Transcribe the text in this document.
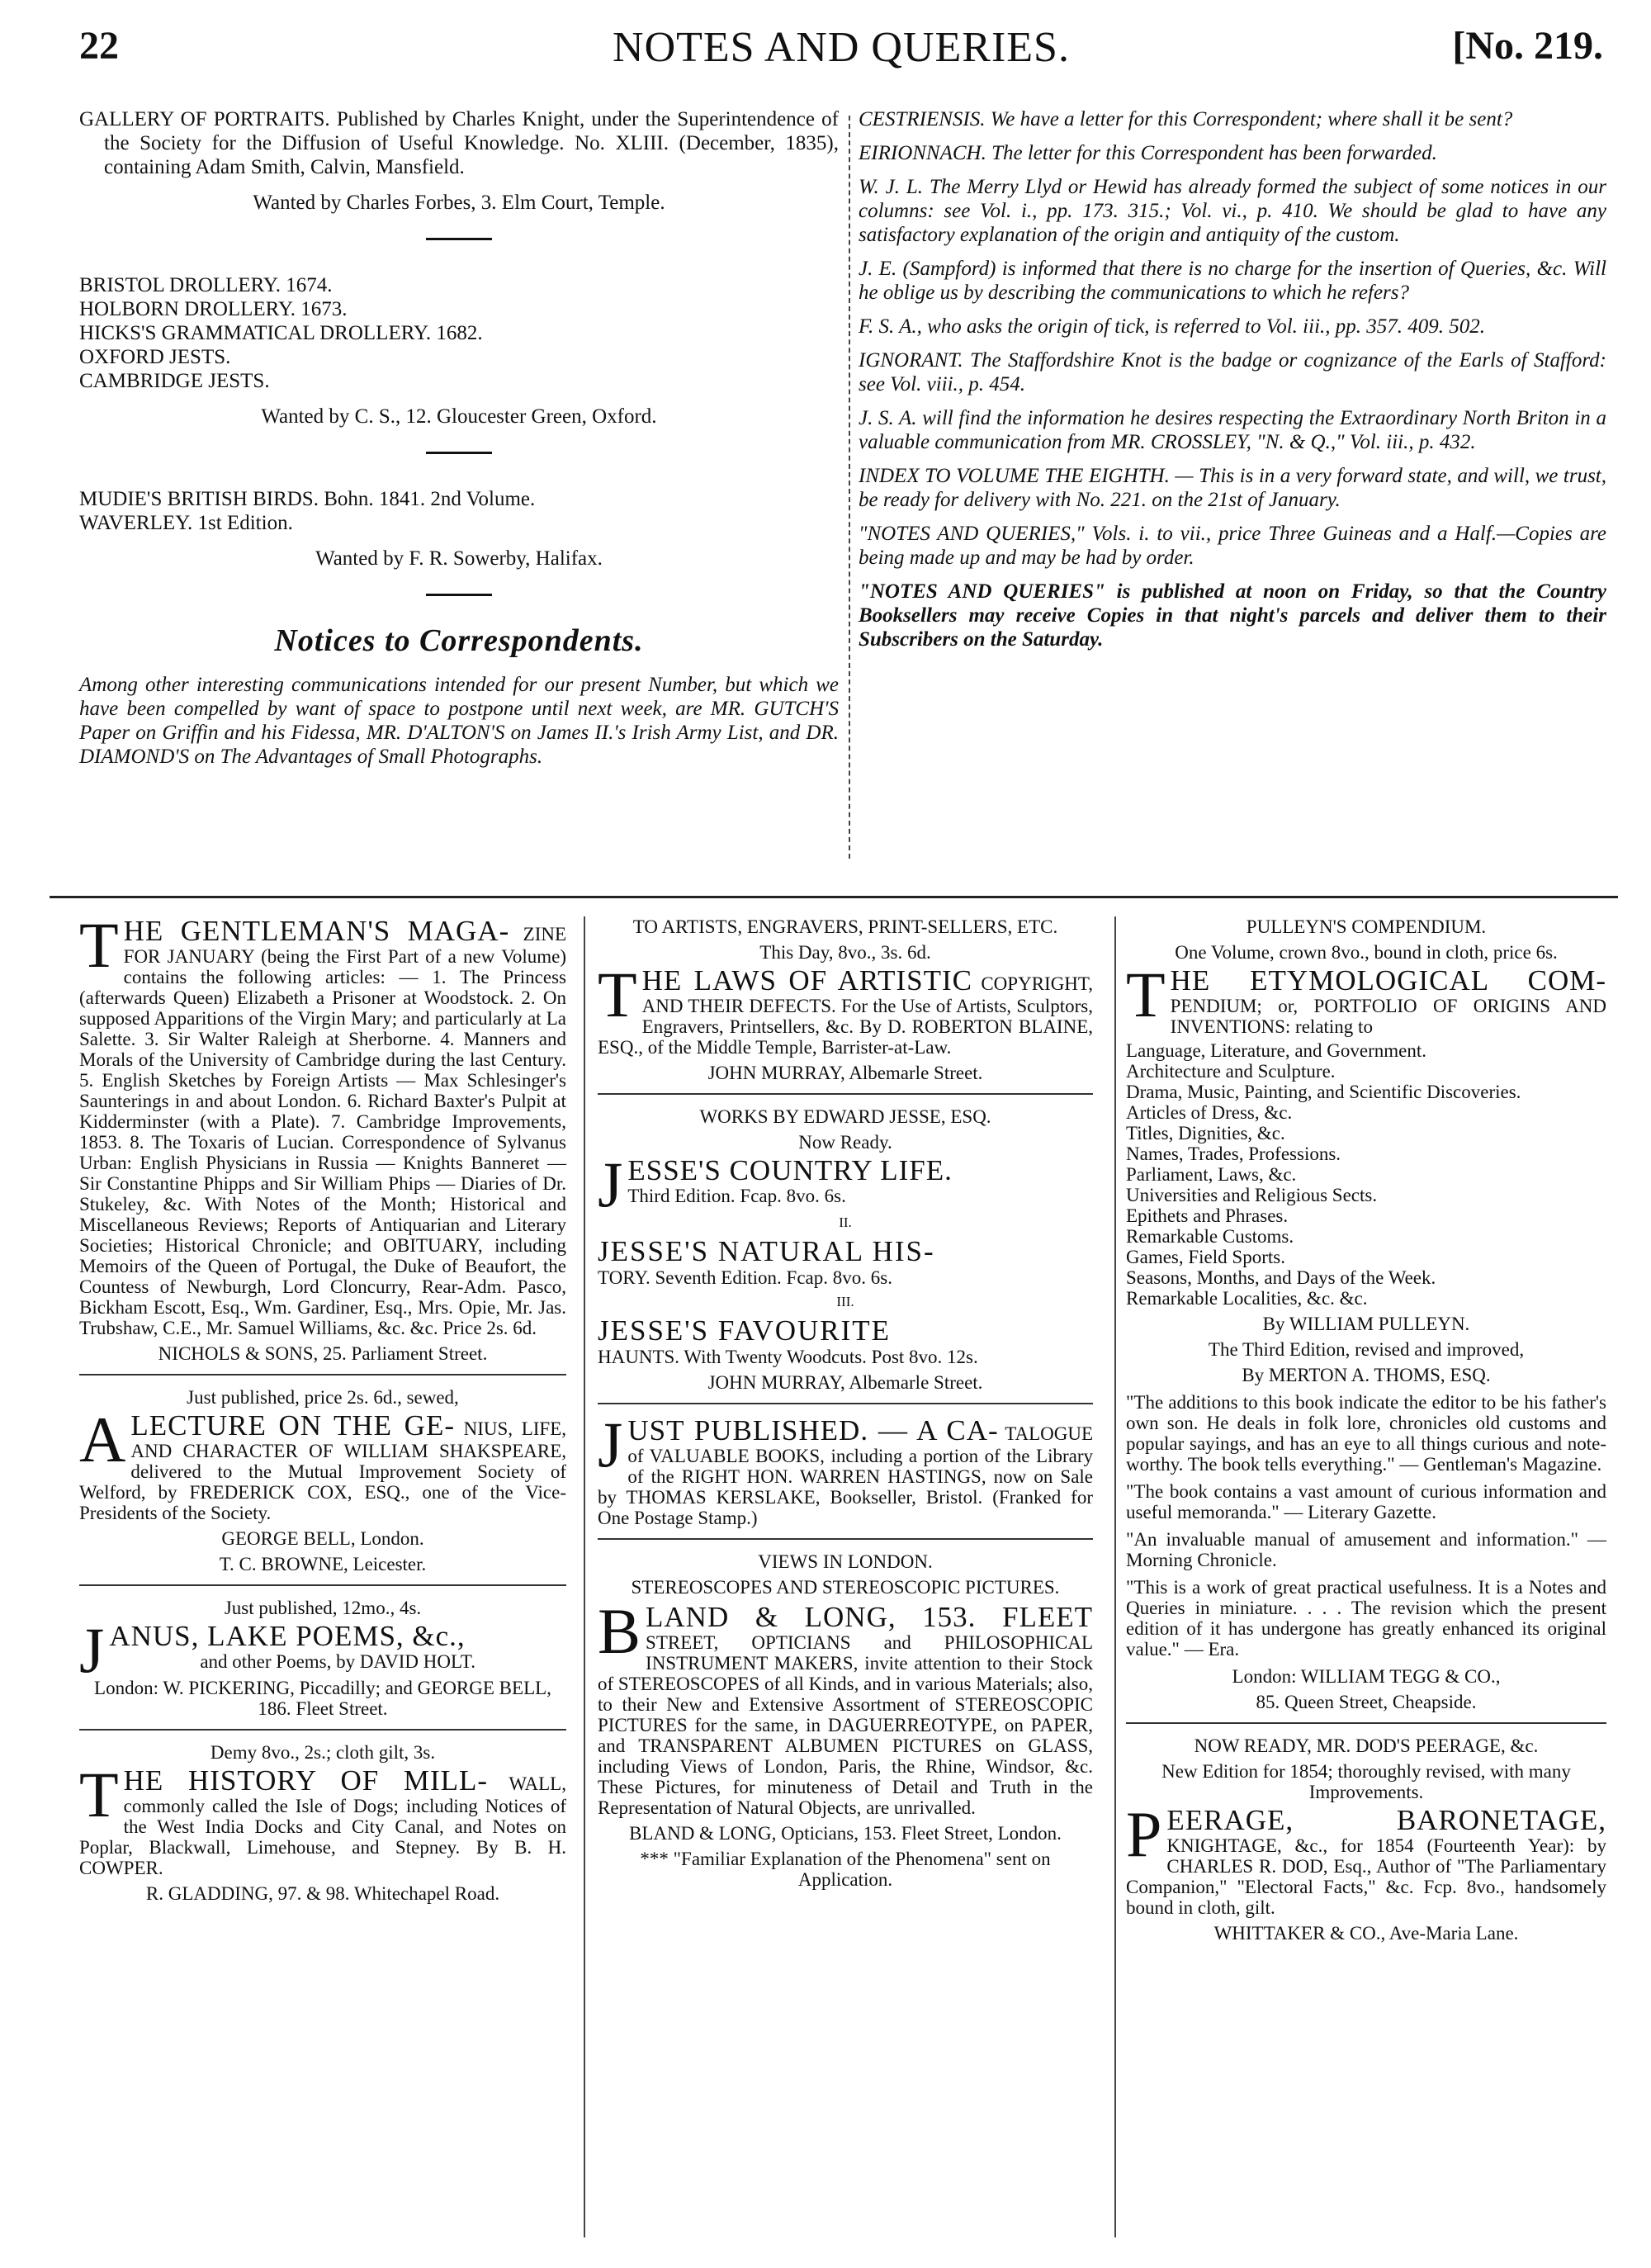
22	NOTES AND QUERIES.	[No. 219.

GALLERY OF PORTRAITS. Published by Charles Knight, under the Superintendence of the Society for the Diffusion of Useful Knowledge. No. XLIII. (December, 1835), containing Adam Smith, Calvin, Mansfield.

Wanted by Charles Forbes, 3. Elm Court, Temple.
BRISTOL DROLLERY. 1674.
HOLBORN DROLLERY. 1673.
HICKS'S GRAMMATICAL DROLLERY. 1682.
OXFORD JESTS.
CAMBRIDGE JESTS.
Wanted by C. S., 12. Gloucester Green, Oxford.
MUDIE'S BRITISH BIRDS. Bohn. 1841. 2nd Volume.
WAVERLEY. 1st Edition.
Wanted by F. R. Sowerby, Halifax.
Notices to Correspondents.

Among other interesting communications intended for our present Number, but which we have been compelled by want of space to postpone until next week, are MR. GUTCH'S Paper on Griffin and his Fidessa, MR. D'ALTON'S on James II.'s Irish Army List, and DR. DIAMOND'S on The Advantages of Small Photographs.

CESTRIENSIS. We have a letter for this Correspondent; where shall it be sent?

EIRIONNACH. The letter for this Correspondent has been forwarded.

W. J. L. The Merry Llyd or Hewid has already formed the subject of some notices in our columns: see Vol. i., pp. 173. 315.; Vol. vi., p. 410. We should be glad to have any satisfactory explanation of the origin and antiquity of the custom.

J. E. (Sampford) is informed that there is no charge for the insertion of Queries, &c. Will he oblige us by describing the communications to which he refers?

F. S. A., who asks the origin of tick, is referred to Vol. iii., pp. 357. 409. 502.

IGNORANT. The Staffordshire Knot is the badge or cognizance of the Earls of Stafford: see Vol. viii., p. 454.

J. S. A. will find the information he desires respecting the Extraordinary North Briton in a valuable communication from MR. CROSSLEY, "N. & Q.," Vol. iii., p. 432.

INDEX TO VOLUME THE EIGHTH. — This is in a very forward state, and will, we trust, be ready for delivery with No. 221. on the 21st of January.

"NOTES AND QUERIES," Vols. i. to vii., price Three Guineas and a Half.—Copies are being made up and may be had by order.

"NOTES AND QUERIES" is published at noon on Friday, so that the Country Booksellers may receive Copies in that night's parcels and deliver them to their Subscribers on the Saturday.

T HE GENTLEMAN'S MAGA- ZINE FOR JANUARY (being the First Part of a new Volume) contains the following articles: — 1. The Princess (afterwards Queen) Elizabeth a Prisoner at Woodstock. 2. On supposed Apparitions of the Virgin Mary; and particularly at La Salette. 3. Sir Walter Raleigh at Sherborne. 4. Manners and Morals of the University of Cambridge during the last Century. 5. English Sketches by Foreign Artists — Max Schlesinger's Saunterings in and about London. 6. Richard Baxter's Pulpit at Kidderminster (with a Plate). 7. Cambridge Improvements, 1853. 8. The Toxaris of Lucian. Correspondence of Sylvanus Urban: English Physicians in Russia — Knights Banneret — Sir Constantine Phipps and Sir William Phips — Diaries of Dr. Stukeley, &c. With Notes of the Month; Historical and Miscellaneous Reviews; Reports of Antiquarian and Literary Societies; Historical Chronicle; and OBITUARY, including Memoirs of the Queen of Portugal, the Duke of Beaufort, the Countess of Newburgh, Lord Cloncurry, Rear-Adm. Pasco, Bickham Escott, Esq., Wm. Gardiner, Esq., Mrs. Opie, Mr. Jas. Trubshaw, C.E., Mr. Samuel Williams, &c. &c. Price 2s. 6d.
NICHOLS & SONS, 25. Parliament Street.
Just published, price 2s. 6d., sewed,
A LECTURE ON THE GE- NIUS, LIFE, AND CHARACTER OF WILLIAM SHAKSPEARE, delivered to the Mutual Improvement Society of Welford, by FREDERICK COX, ESQ., one of the Vice-Presidents of the Society.
GEORGE BELL, London.
T. C. BROWNE, Leicester.
Just published, 12mo., 4s.
J ANUS, LAKE POEMS, &c.,
and other Poems, by DAVID HOLT.
London: W. PICKERING, Piccadilly; and GEORGE BELL, 186. Fleet Street.
Demy 8vo., 2s.; cloth gilt, 3s.
T HE HISTORY OF MILL- WALL, commonly called the Isle of Dogs; including Notices of the West India Docks and City Canal, and Notes on Poplar, Blackwall, Limehouse, and Stepney. By B. H. COWPER.
R. GLADDING, 97. & 98. Whitechapel Road.
TO ARTISTS, ENGRAVERS, PRINT-SELLERS, ETC.
This Day, 8vo., 3s. 6d.
T HE LAWS OF ARTISTIC COPYRIGHT, AND THEIR DEFECTS. For the Use of Artists, Sculptors, Engravers, Printsellers, &c. By D. ROBERTON BLAINE, ESQ., of the Middle Temple, Barrister-at-Law.
JOHN MURRAY, Albemarle Street.
WORKS BY EDWARD JESSE, ESQ.
Now Ready.
J ESSE'S COUNTRY LIFE.
Third Edition. Fcap. 8vo. 6s.
II.
JESSE'S NATURAL HIS-
TORY. Seventh Edition. Fcap. 8vo. 6s.
III.
JESSE'S FAVOURITE
HAUNTS. With Twenty Woodcuts. Post 8vo. 12s.
JOHN MURRAY, Albemarle Street.
J UST PUBLISHED. — A CA- TALOGUE of VALUABLE BOOKS, including a portion of the Library of the RIGHT HON. WARREN HASTINGS, now on Sale by THOMAS KERSLAKE, Bookseller, Bristol. (Franked for One Postage Stamp.)
VIEWS IN LONDON.
STEREOSCOPES AND STEREOSCOPIC PICTURES.
B LAND & LONG, 153. FLEET STREET, OPTICIANS and PHILOSOPHICAL INSTRUMENT MAKERS, invite attention to their Stock of STEREOSCOPES of all Kinds, and in various Materials; also, to their New and Extensive Assortment of STEREOSCOPIC PICTURES for the same, in DAGUERREOTYPE, on PAPER, and TRANSPARENT ALBUMEN PICTURES on GLASS, including Views of London, Paris, the Rhine, Windsor, &c. These Pictures, for minuteness of Detail and Truth in the Representation of Natural Objects, are unrivalled.
BLAND & LONG, Opticians, 153. Fleet Street, London.
*** "Familiar Explanation of the Phenomena" sent on Application.
PULLEYN'S COMPENDIUM.
One Volume, crown 8vo., bound in cloth, price 6s.
T HE ETYMOLOGICAL COM- PENDIUM; or, PORTFOLIO OF ORIGINS AND INVENTIONS: relating to
Language, Literature, and Government.
Architecture and Sculpture.
Drama, Music, Painting, and Scientific Discoveries.
Articles of Dress, &c.
Titles, Dignities, &c.
Names, Trades, Professions.
Parliament, Laws, &c.
Universities and Religious Sects.
Epithets and Phrases.
Remarkable Customs.
Games, Field Sports.
Seasons, Months, and Days of the Week.
Remarkable Localities, &c. &c.
By WILLIAM PULLEYN.
The Third Edition, revised and improved,
By MERTON A. THOMS, ESQ.
"The additions to this book indicate the editor to be his father's own son. He deals in folk lore, chronicles old customs and popular sayings, and has an eye to all things curious and note-worthy. The book tells everything." — Gentleman's Magazine.
"The book contains a vast amount of curious information and useful memoranda." — Literary Gazette.
"An invaluable manual of amusement and information." — Morning Chronicle.
"This is a work of great practical usefulness. It is a Notes and Queries in miniature. . . . The revision which the present edition of it has undergone has greatly enhanced its original value." — Era.
London: WILLIAM TEGG & CO.,
85. Queen Street, Cheapside.
NOW READY, MR. DOD'S PEERAGE, &c.
New Edition for 1854; thoroughly revised, with many Improvements.
P EERAGE, BARONETAGE, KNIGHTAGE, &c., for 1854 (Fourteenth Year): by CHARLES R. DOD, Esq., Author of "The Parliamentary Companion," "Electoral Facts," &c. Fcp. 8vo., handsomely bound in cloth, gilt.
WHITTAKER & CO., Ave-Maria Lane.
